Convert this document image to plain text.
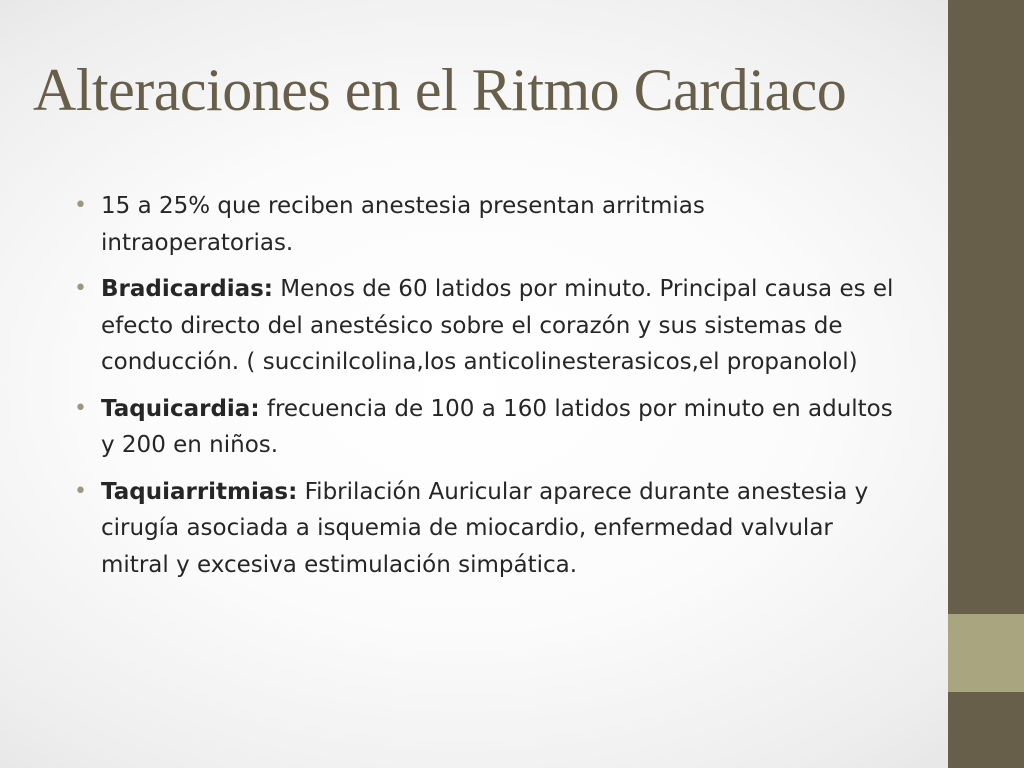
Alteraciones en el Ritmo Cardiaco
• 15 a 25% que reciben anestesia presentan arritmias intraoperatorias.
• Bradicardias: Menos de 60 latidos por minuto. Principal causa es el efecto directo del anestésico sobre el corazón y sus sistemas de conducción. ( succinilcolina,los anticolinesterasicos,el propanolol)
• Taquicardia: frecuencia de 100 a 160 latidos por minuto en adultos y 200 en niños.
• Taquiarritmias: Fibrilación Auricular aparece durante anestesia y cirugía asociada a isquemia de miocardio, enfermedad valvular mitral y excesiva estimulación simpática.
